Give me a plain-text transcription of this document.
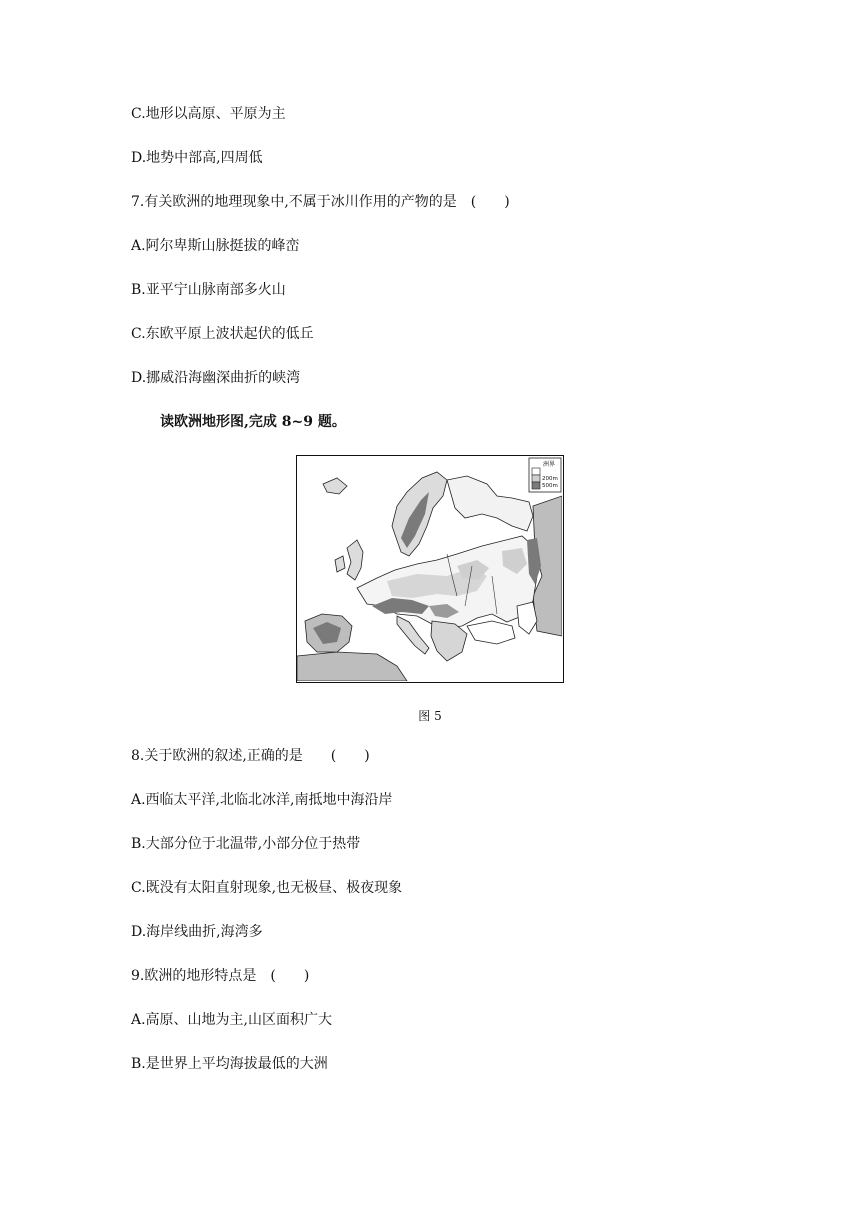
C.地形以高原、平原为主
D.地势中部高,四周低
7.有关欧洲的地理现象中,不属于冰川作用的产物的是　(　　)
A.阿尔卑斯山脉挺拔的峰峦
B.亚平宁山脉南部多火山
C.东欧平原上波状起伏的低丘
D.挪威沿海幽深曲折的峡湾
读欧洲地形图,完成 8~9 题。
洲界
200m
500m
图 5
8.关于欧洲的叙述,正确的是　　(　　)
A.西临太平洋,北临北冰洋,南抵地中海沿岸
B.大部分位于北温带,小部分位于热带
C.既没有太阳直射现象,也无极昼、极夜现象
D.海岸线曲折,海湾多
9.欧洲的地形特点是　(　　)
A.高原、山地为主,山区面积广大
B.是世界上平均海拔最低的大洲
